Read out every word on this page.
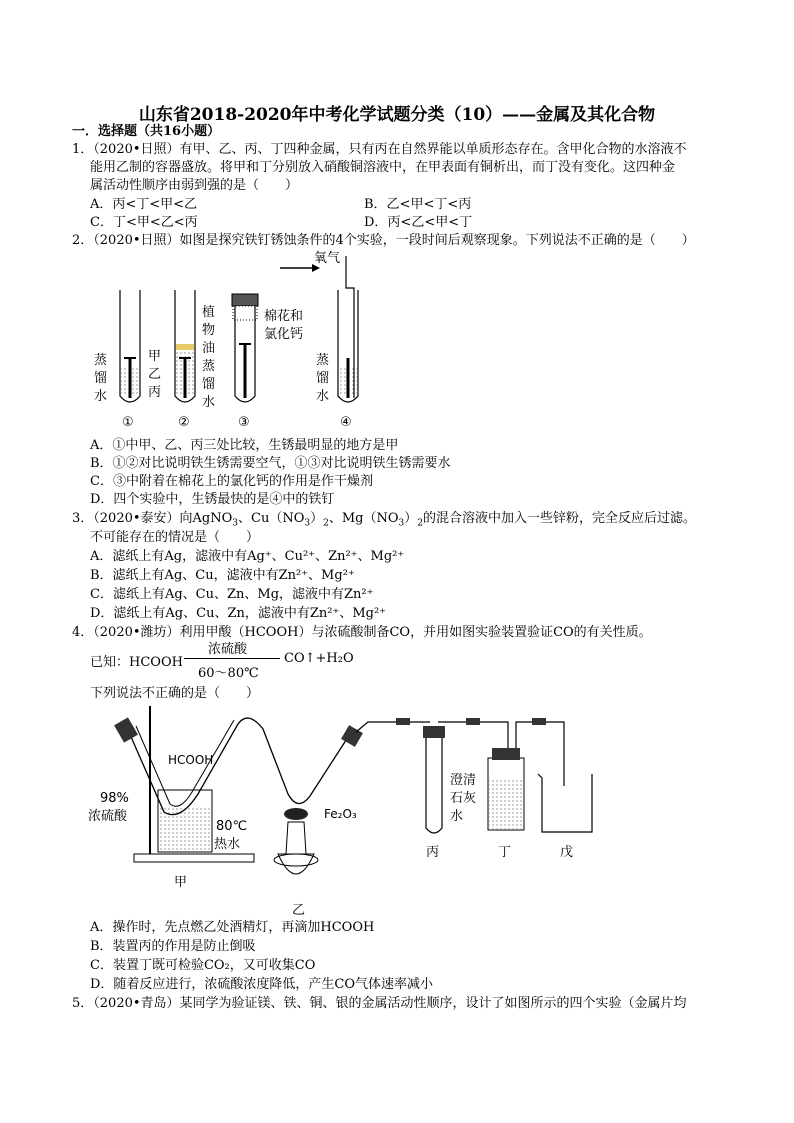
山东省2018-2020年中考化学试题分类（10）——金属及其化合物
一．选择题（共16小题）
1．（2020•日照）有甲、乙、丙、丁四种金属，只有丙在自然界能以单质形态存在。含甲化合物的水溶液不
能用乙制的容器盛放。将甲和丁分别放入硝酸铜溶液中，在甲表面有铜析出，而丁没有变化。这四种金
属活动性顺序由弱到强的是（　　）
A．丙<丁<甲<乙	B．乙<甲<丁<丙
C．丁<甲<乙<丙	D．丙<乙<甲<丁
2．（2020•日照）如图是探究铁钉锈蚀条件的4个实验，一段时间后观察现象。下列说法不正确的是（　　）
氧气
棉花和
氯化钙
植
物
油
蒸
馏
水
蒸
馏
水
甲
乙
丙
蒸
馏
水
①	②	③	④
A．①中甲、乙、丙三处比较，生锈最明显的地方是甲
B．①②对比说明铁生锈需要空气，①③对比说明铁生锈需要水
C．③中附着在棉花上的氯化钙的作用是作干燥剂
D．四个实验中，生锈最快的是④中的铁钉
3．（2020•泰安）向AgNO$_3$、$Cu(NO_3)_2$、$Mg(NO_3)_2$的混合溶液中加入一些锌粉，完全反应后过滤。
不可能存在的情况是（　　）
A．滤纸上有Ag，滤液中有Ag⁺、Cu²⁺、Zn²⁺、Mg²⁺
B．滤纸上有Ag、Cu，滤液中有Zn²⁺、Mg²⁺
C．滤纸上有Ag、Cu、Zn、Mg，滤液中有Zn²⁺
D．滤纸上有Ag、Cu、Zn，滤液中有Zn²⁺、Mg²⁺
4．（2020•潍坊）利用甲酸（HCOOH）与浓硫酸制备CO，并用如图实验装置验证CO的有关性质。
已知：HCOOH
浓硫酸
60～80℃
CO↑+H₂O
下列说法不正确的是（　　）
HCOOH
98%
浓硫酸
80℃
热水
Fe₂O₃
澄清
石灰
水
甲
乙
丙	丁	戊
A．操作时，先点燃乙处酒精灯，再滴加HCOOH
B．装置丙的作用是防止倒吸
C．装置丁既可检验CO₂，又可收集CO
D．随着反应进行，浓硫酸浓度降低，产生CO气体速率减小
5．（2020•青岛）某同学为验证镁、铁、铜、银的金属活动性顺序，设计了如图所示的四个实验（金属片均
